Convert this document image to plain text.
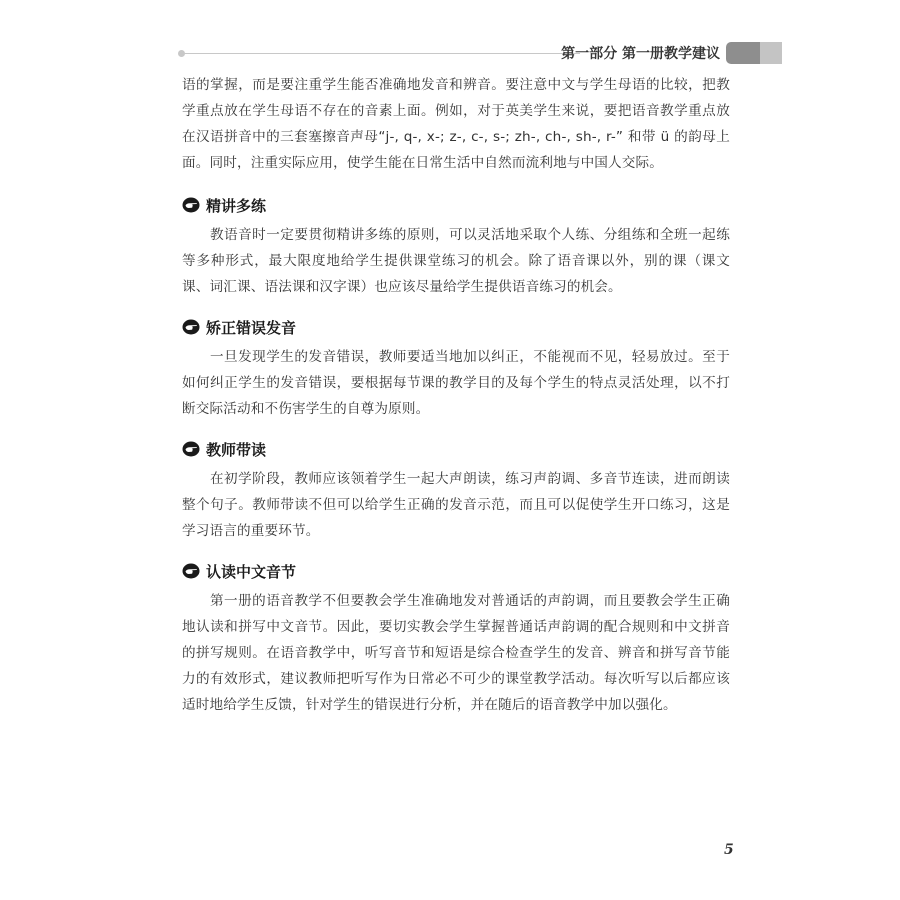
第一部分 第一册教学建议

语的掌握，而是要注重学生能否准确地发音和辨音。要注意中文与学生母语的比较，把教学重点放在学生母语不存在的音素上面。例如，对于英美学生来说，要把语音教学重点放在汉语拼音中的三套塞擦音声母“j-, q-, x-; z-, c-, s-; zh-, ch-, sh-, r-” 和带 ü 的韵母上面。同时，注重实际应用，使学生能在日常生活中自然而流利地与中国人交际。

精讲多练

教语音时一定要贯彻精讲多练的原则，可以灵活地采取个人练、分组练和全班一起练等多种形式，最大限度地给学生提供课堂练习的机会。除了语音课以外，别的课（课文课、词汇课、语法课和汉字课）也应该尽量给学生提供语音练习的机会。

矫正错误发音

一旦发现学生的发音错误，教师要适当地加以纠正，不能视而不见，轻易放过。至于如何纠正学生的发音错误，要根据每节课的教学目的及每个学生的特点灵活处理，以不打断交际活动和不伤害学生的自尊为原则。

教师带读

在初学阶段，教师应该领着学生一起大声朗读，练习声韵调、多音节连读，进而朗读整个句子。教师带读不但可以给学生正确的发音示范，而且可以促使学生开口练习，这是学习语言的重要环节。

认读中文音节

第一册的语音教学不但要教会学生准确地发对普通话的声韵调，而且要教会学生正确地认读和拼写中文音节。因此，要切实教会学生掌握普通话声韵调的配合规则和中文拼音的拼写规则。在语音教学中，听写音节和短语是综合检查学生的发音、辨音和拼写音节能力的有效形式，建议教师把听写作为日常必不可少的课堂教学活动。每次听写以后都应该适时地给学生反馈，针对学生的错误进行分析，并在随后的语音教学中加以强化。

5
